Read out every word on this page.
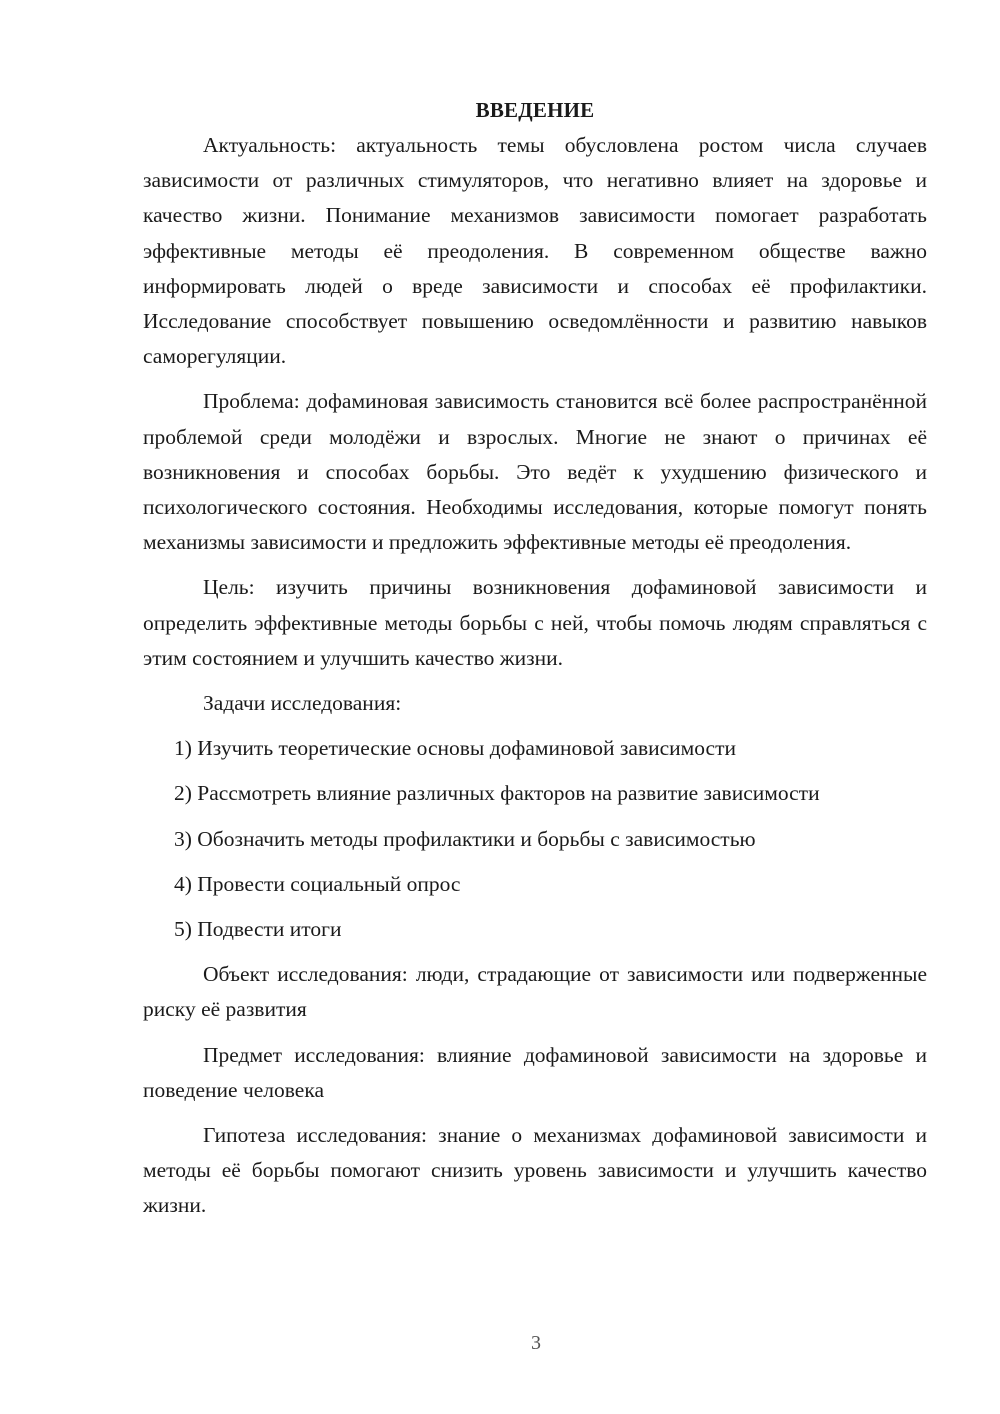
ВВЕДЕНИЕ

Актуальность: актуальность темы обусловлена ростом числа случаев зависимости от различных стимуляторов, что негативно влияет на здоровье и качество жизни. Понимание механизмов зависимости помогает разработать эффективные методы её преодоления. В современном обществе важно информировать людей о вреде зависимости и способах её профилактики. Исследование способствует повышению осведомлённости и развитию навыков саморегуляции.

Проблема: дофаминовая зависимость становится всё более распространённой проблемой среди молодёжи и взрослых. Многие не знают о причинах её возникновения и способах борьбы. Это ведёт к ухудшению физического и психологического состояния. Необходимы исследования, которые помогут понять механизмы зависимости и предложить эффективные методы её преодоления.

Цель: изучить причины возникновения дофаминовой зависимости и определить эффективные методы борьбы с ней, чтобы помочь людям справляться с этим состоянием и улучшить качество жизни.

Задачи исследования:

1) Изучить теоретические основы дофаминовой зависимости
2) Рассмотреть влияние различных факторов на развитие зависимости
3) Обозначить методы профилактики и борьбы с зависимостью
4) Провести социальный опрос
5) Подвести итоги

Объект исследования: люди, страдающие от зависимости или подверженные риску её развития

Предмет исследования: влияние дофаминовой зависимости на здоровье и поведение человека

Гипотеза исследования: знание о механизмах дофаминовой зависимости и методы её борьбы помогают снизить уровень зависимости и улучшить качество жизни.

3
